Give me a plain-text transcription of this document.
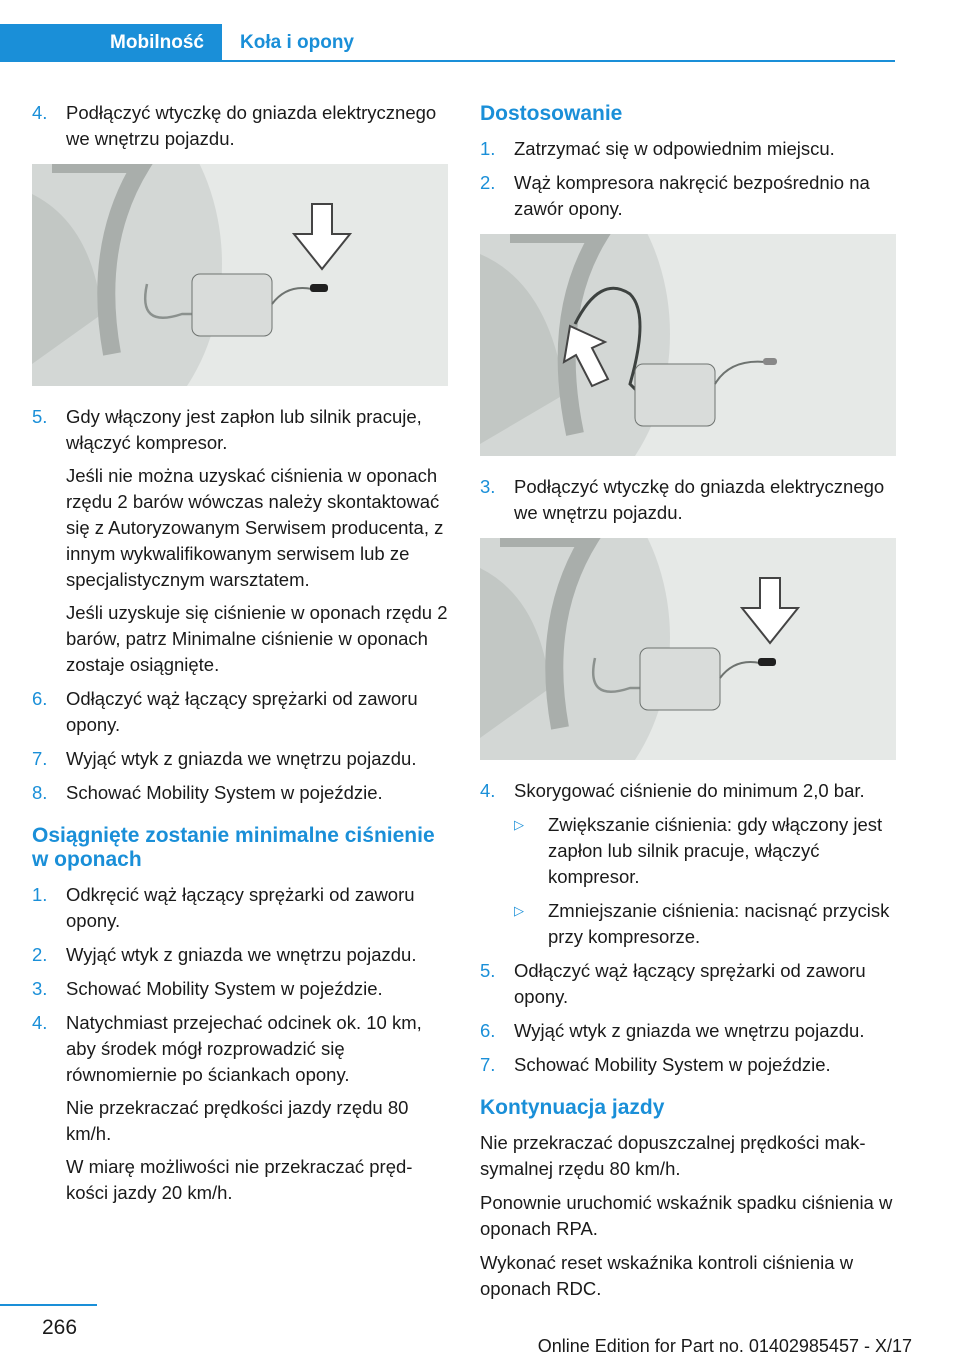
Mobilność Koła i opony
4. Podłączyć wtyczkę do gniazda elektrycznego we wnętrzu pojazdu.

5. Gdy włączony jest zapłon lub silnik pracuje, włączyć kompresor.

Jeśli nie można uzyskać ciśnienia w oponach rzędu 2 barów wówczas należy skontaktować się z Autoryzowanym Serwisem producenta, z innym wykwalifikowanym serwisem lub ze specjalistycznym warsztatem.

Jeśli uzyskuje się ciśnienie w oponach rzędu 2 barów, patrz Minimalne ciśnienie w oponach zostaje osiągnięte.

6. Odłączyć wąż łączący sprężarki od zaworu opony.

7. Wyjąć wtyk z gniazda we wnętrzu pojazdu.

8. Schować Mobility System w pojeździe.

Osiągnięte zostanie minimalne ciśnienie w oponach
1. Odkręcić wąż łączący sprężarki od zaworu opony.

2. Wyjąć wtyk z gniazda we wnętrzu pojazdu.

3. Schować Mobility System w pojeździe.

4. Natychmiast przejechać odcinek ok. 10 km, aby środek mógł rozprowadzić się równomiernie po ściankach opony.

Nie przekraczać prędkości jazdy rzędu 80 km/h.

W miarę możliwości nie przekraczać prędkości jazdy 20 km/h.

Dostosowanie
1. Zatrzymać się w odpowiednim miejscu.

2. Wąż kompresora nakręcić bezpośrednio na zawór opony.

3. Podłączyć wtyczkę do gniazda elektrycznego we wnętrzu pojazdu.

4. Skorygować ciśnienie do minimum 2,0 bar.

▷ Zwiększanie ciśnienia: gdy włączony jest zapłon lub silnik pracuje, włączyć kompresor.
▷ Zmniejszanie ciśnienia: nacisnąć przycisk przy kompresorze.
5. Odłączyć wąż łączący sprężarki od zaworu opony.

6. Wyjąć wtyk z gniazda we wnętrzu pojazdu.

7. Schować Mobility System w pojeździe.

Kontynuacja jazdy

Nie przekraczać dopuszczalnej prędkości maksymalnej rzędu 80 km/h.

Ponownie uruchomić wskaźnik spadku ciśnienia w oponach RPA.

Wykonać reset wskaźnika kontroli ciśnienia w oponach RDC.

266
Online Edition for Part no. 01402985457 - X/17
